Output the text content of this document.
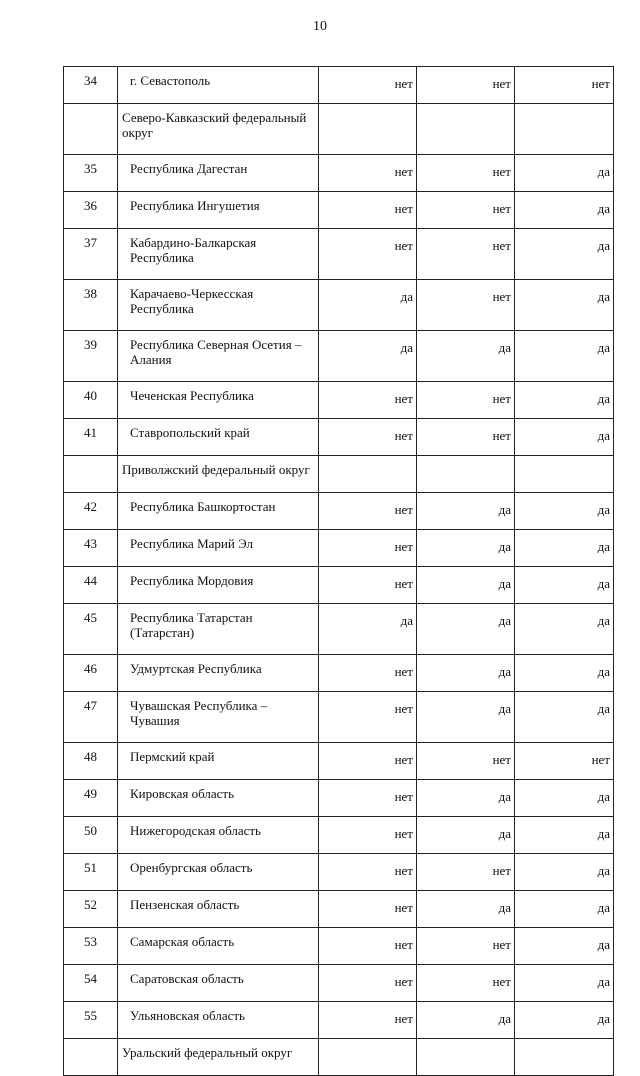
10
34	г. Севастополь	нет	нет	нет
	Северо-Кавказский федеральный округ			
35	Республика Дагестан	нет	нет	да
36	Республика Ингушетия	нет	нет	да
37	Кабардино-Балкарская Республика	нет	нет	да
38	Карачаево-Черкесская Республика	да	нет	да
39	Республика Северная Осетия – Алания	да	да	да
40	Чеченская Республика	нет	нет	да
41	Ставропольский край	нет	нет	да
	Приволжский федеральный округ			
42	Республика Башкортостан	нет	да	да
43	Республика Марий Эл	нет	да	да
44	Республика Мордовия	нет	да	да
45	Республика Татарстан (Татарстан)	да	да	да
46	Удмуртская Республика	нет	да	да
47	Чувашская Республика – Чувашия	нет	да	да
48	Пермский край	нет	нет	нет
49	Кировская область	нет	да	да
50	Нижегородская область	нет	да	да
51	Оренбургская область	нет	нет	да
52	Пензенская область	нет	да	да
53	Самарская область	нет	нет	да
54	Саратовская область	нет	нет	да
55	Ульяновская область	нет	да	да
	Уральский федеральный округ			
